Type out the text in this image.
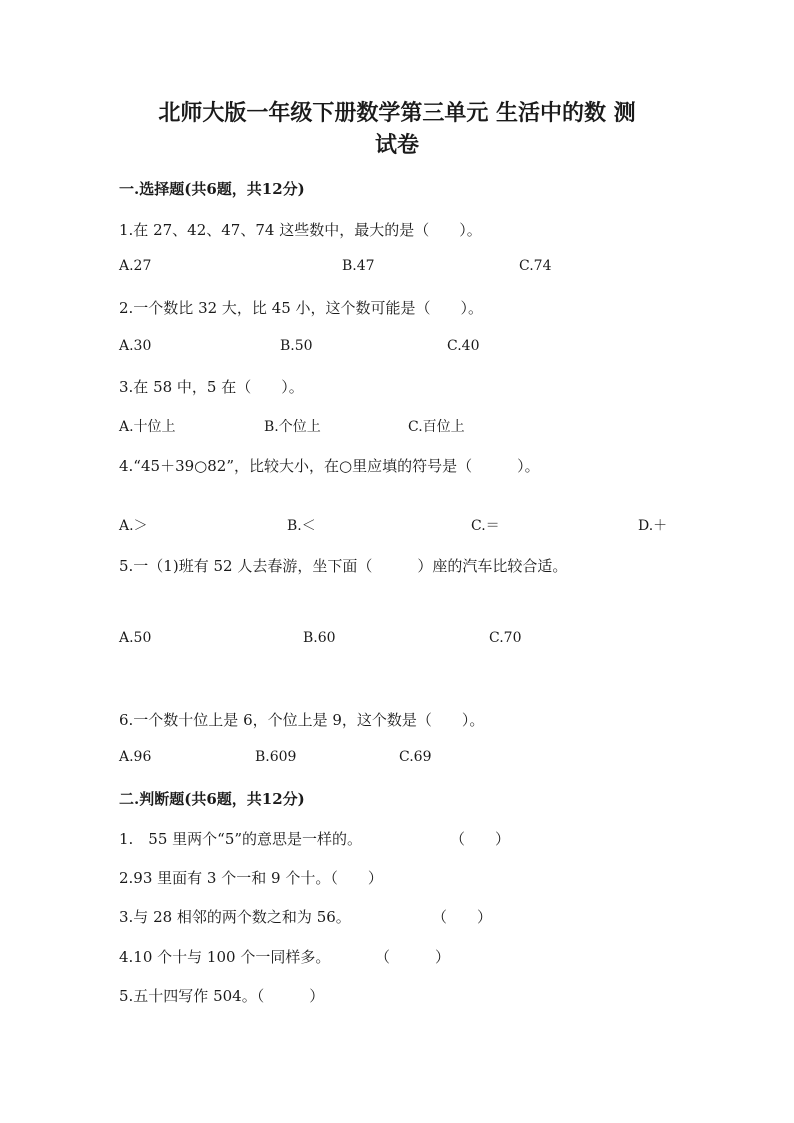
北师大版一年级下册数学第三单元 生活中的数 测
试卷
一.选择题(共6题，共12分)
1.在 27、42、47、74 这些数中，最大的是（　　）。
A.27	B.47	C.74
2.一个数比 32 大，比 45 小，这个数可能是（　　）。
A.30	B.50	C.40
3.在 58 中，5 在（　　）。
A.十位上	B.个位上	C.百位上
4.“45＋39○82”，比较大小，在○里应填的符号是（　　　）。
A.＞	B.＜	C.＝	D.＋
5.一（1)班有 52 人去春游，坐下面（　　　）座的汽车比较合适。
A.50	B.60	C.70
6.一个数十位上是 6，个位上是 9，这个数是（　　）。
A.96	B.609	C.69
二.判断题(共6题，共12分)
1.　55 里两个“5”的意思是一样的。	（　　）
2.93 里面有 3 个一和 9 个十。（　　）
3.与 28 相邻的两个数之和为 56。	（　　）
4.10 个十与 100 个一同样多。	（　　　）
5.五十四写作 504。（　　　）
